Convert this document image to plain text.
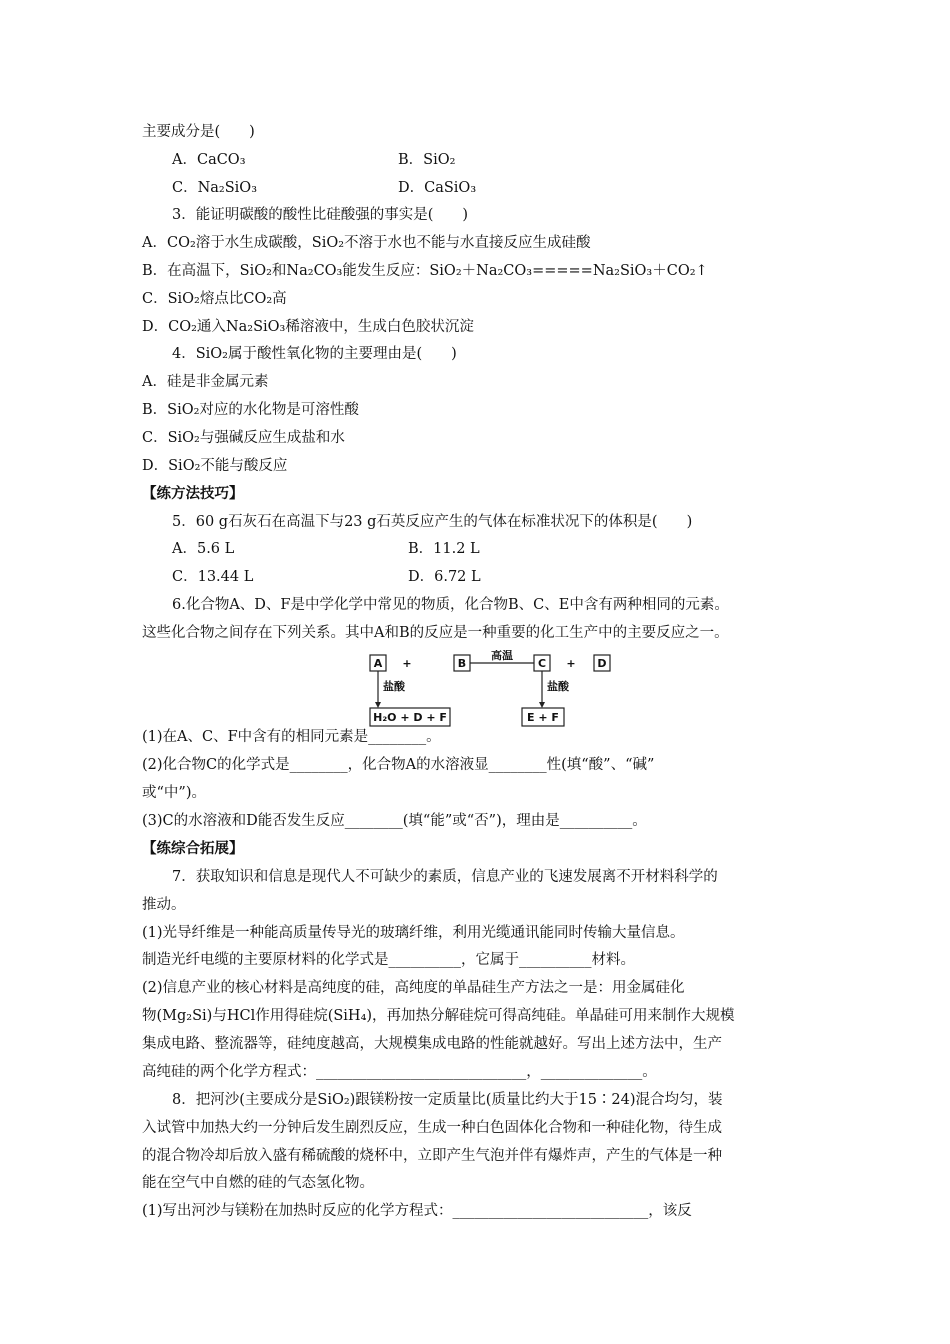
主要成分是(　　)
A．CaCO₃	B．SiO₂
C．Na₂SiO₃	D．CaSiO₃
3．能证明碳酸的酸性比硅酸强的事实是(　　)
A．CO₂溶于水生成碳酸，SiO₂不溶于水也不能与水直接反应生成硅酸
B．在高温下，SiO₂和Na₂CO₃能发生反应：SiO₂＋Na₂CO₃=====Na₂SiO₃＋CO₂↑
C．SiO₂熔点比CO₂高
D．CO₂通入Na₂SiO₃稀溶液中，生成白色胶状沉淀
4．SiO₂属于酸性氧化物的主要理由是(　　)
A．硅是非金属元素
B．SiO₂对应的水化物是可溶性酸
C．SiO₂与强碱反应生成盐和水
D．SiO₂不能与酸反应
【练方法技巧】
5．60 g石灰石在高温下与23 g石英反应产生的气体在标准状况下的体积是(　　)
A．5.6 L	B．11.2 L
C．13.44 L	D．6.72 L
6.化合物A、D、F是中学化学中常见的物质，化合物B、C、E中含有两种相同的元素。
这些化合物之间存在下列关系。其中A和B的反应是一种重要的化工生产中的主要反应之一。
A +	B
高温
C + D
盐酸	盐酸
H₂O + D + F	E + F
(1)在A、C、F中含有的相同元素是________。
(2)化合物C的化学式是________，化合物A的水溶液显________性(填“酸”、“碱”
或“中”)。
(3)C的水溶液和D能否发生反应________(填“能”或“否”)，理由是__________。
【练综合拓展】
7．获取知识和信息是现代人不可缺少的素质，信息产业的飞速发展离不开材料科学的
推动。
(1)光导纤维是一种能高质量传导光的玻璃纤维，利用光缆通讯能同时传输大量信息。
制造光纤电缆的主要原材料的化学式是__________，它属于__________材料。
(2)信息产业的核心材料是高纯度的硅，高纯度的单晶硅生产方法之一是：用金属硅化
物(Mg₂Si)与HCl作用得硅烷(SiH₄)，再加热分解硅烷可得高纯硅。单晶硅可用来制作大规模
集成电路、整流器等，硅纯度越高，大规模集成电路的性能就越好。写出上述方法中，生产
高纯硅的两个化学方程式：_____________________________，______________。
8．把河沙(主要成分是SiO₂)跟镁粉按一定质量比(质量比约大于15∶24)混合均匀，装
入试管中加热大约一分钟后发生剧烈反应，生成一种白色固体化合物和一种硅化物，待生成
的混合物冷却后放入盛有稀硫酸的烧杯中，立即产生气泡并伴有爆炸声，产生的气体是一种
能在空气中自燃的硅的气态氢化物。
(1)写出河沙与镁粉在加热时反应的化学方程式：___________________________，该反
